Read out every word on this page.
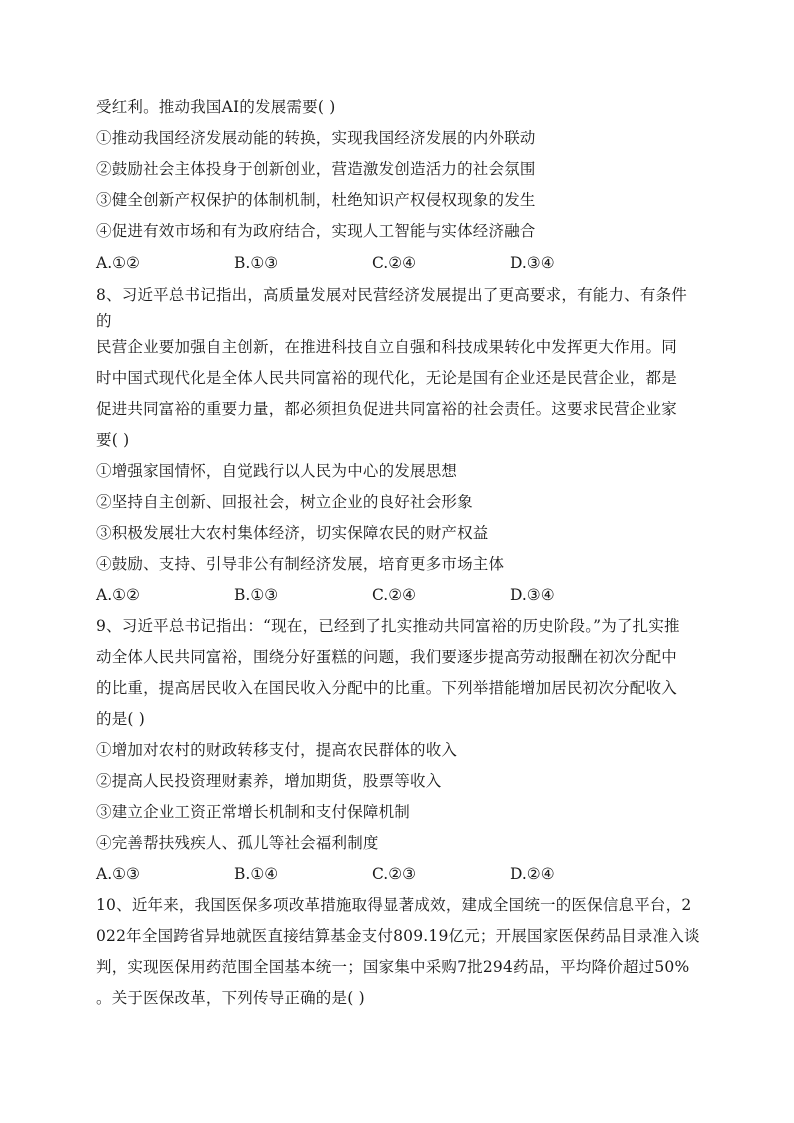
受红利。推动我国AI的发展需要( )
①推动我国经济发展动能的转换，实现我国经济发展的内外联动
②鼓励社会主体投身于创新创业，营造激发创造活力的社会氛围
③健全创新产权保护的体制机制，杜绝知识产权侵权现象的发生
④促进有效市场和有为政府结合，实现人工智能与实体经济融合
A.①②	B.①③	C.②④	D.③④
8、习近平总书记指出，高质量发展对民营经济发展提出了更高要求，有能力、有条件
的
民营企业要加强自主创新，在推进科技自立自强和科技成果转化中发挥更大作用。同
时中国式现代化是全体人民共同富裕的现代化，无论是国有企业还是民营企业，都是
促进共同富裕的重要力量，都必须担负促进共同富裕的社会责任。这要求民营企业家
要( )
①增强家国情怀，自觉践行以人民为中心的发展思想
②坚持自主创新、回报社会，树立企业的良好社会形象
③积极发展壮大农村集体经济，切实保障农民的财产权益
④鼓励、支持、引导非公有制经济发展，培育更多市场主体
A.①②	B.①③	C.②④	D.③④
9、习近平总书记指出：“现在，已经到了扎实推动共同富裕的历史阶段。”为了扎实推
动全体人民共同富裕，围绕分好蛋糕的问题，我们要逐步提高劳动报酬在初次分配中
的比重，提高居民收入在国民收入分配中的比重。下列举措能增加居民初次分配收入
的是( )
①增加对农村的财政转移支付，提高农民群体的收入
②提高人民投资理财素养，增加期货，股票等收入
③建立企业工资正常增长机制和支付保障机制
④完善帮扶残疾人、孤儿等社会福利制度
A.①③	B.①④	C.②③	D.②④
10、近年来，我国医保多项改革措施取得显著成效，建成全国统一的医保信息平台，2
022年全国跨省异地就医直接结算基金支付809.19亿元；开展国家医保药品目录准入谈
判，实现医保用药范围全国基本统一；国家集中采购7批294药品，平均降价超过50%
。关于医保改革，下列传导正确的是( )
